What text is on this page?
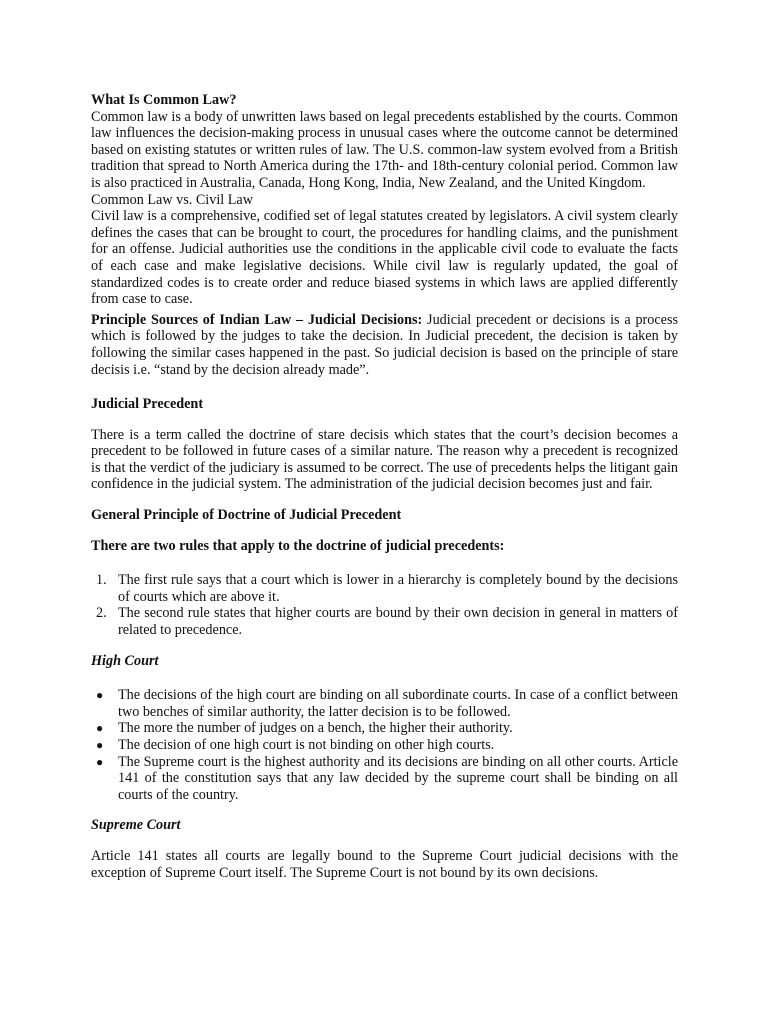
What Is Common Law?

Common law is a body of unwritten laws based on legal precedents established by the courts. Common law influences the decision-making process in unusual cases where the outcome cannot be determined based on existing statutes or written rules of law. The U.S. common-law system evolved from a British tradition that spread to North America during the 17th- and 18th-century colonial period. Common law is also practiced in Australia, Canada, Hong Kong, India, New Zealand, and the United Kingdom.

Common Law vs. Civil Law

Civil law is a comprehensive, codified set of legal statutes created by legislators. A civil system clearly defines the cases that can be brought to court, the procedures for handling claims, and the punishment for an offense. Judicial authorities use the conditions in the applicable civil code to evaluate the facts of each case and make legislative decisions. While civil law is regularly updated, the goal of standardized codes is to create order and reduce biased systems in which laws are applied differently from case to case.

Principle Sources of Indian Law – Judicial Decisions: Judicial precedent or decisions is a process which is followed by the judges to take the decision. In Judicial precedent, the decision is taken by following the similar cases happened in the past. So judicial decision is based on the principle of stare decisis i.e. “stand by the decision already made”.

Judicial Precedent

There is a term called the doctrine of stare decisis which states that the court’s decision becomes a precedent to be followed in future cases of a similar nature. The reason why a precedent is recognized is that the verdict of the judiciary is assumed to be correct. The use of precedents helps the litigant gain confidence in the judicial system. The administration of the judicial decision becomes just and fair.

General Principle of Doctrine of Judicial Precedent
There are two rules that apply to the doctrine of judicial precedents:
1. The first rule says that a court which is lower in a hierarchy is completely bound by the decisions of courts which are above it.
2. The second rule states that higher courts are bound by their own decision in general in matters of related to precedence.
High Court
● The decisions of the high court are binding on all subordinate courts. In case of a conflict between two benches of similar authority, the latter decision is to be followed.
● The more the number of judges on a bench, the higher their authority.
● The decision of one high court is not binding on other high courts.
● The Supreme court is the highest authority and its decisions are binding on all other courts. Article 141 of the constitution says that any law decided by the supreme court shall be binding on all courts of the country.
Supreme Court

Article 141 states all courts are legally bound to the Supreme Court judicial decisions with the exception of Supreme Court itself. The Supreme Court is not bound by its own decisions.
